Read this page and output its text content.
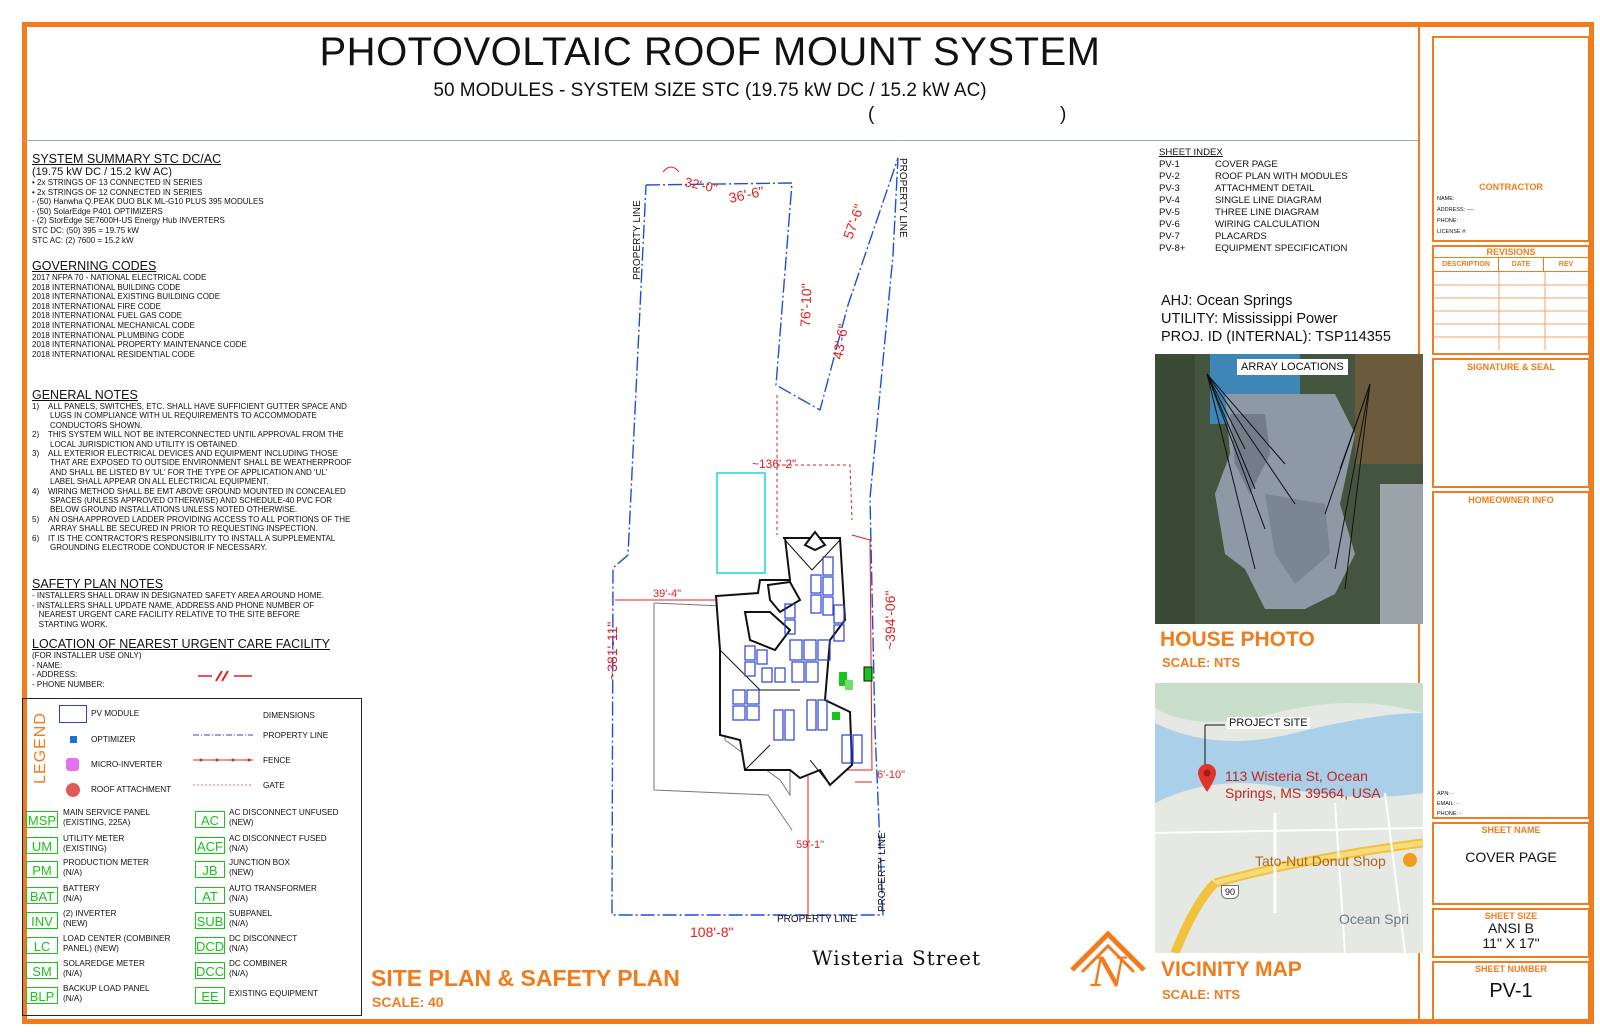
PHOTOVOLTAIC ROOF MOUNT SYSTEM
50 MODULES - SYSTEM SIZE STC (19.75 kW DC / 15.2 kW AC)
(	)

SYSTEM SUMMARY STC DC/AC

(19.75 kW DC / 15.2 kW AC)
• 2x STRINGS OF 13 CONNECTED IN SERIES
• 2x STRINGS OF 12 CONNECTED IN SERIES
- (50) Hanwha Q.PEAK DUO BLK ML-G10 PLUS 395 MODULES
- (50) SolarEdge P401 OPTIMIZERS
- (2) StorEdge SE7600H-US Energy Hub INVERTERS
STC DC: (50) 395 = 19.75 kW
STC AC: (2) 7600 = 15.2 kW

GOVERNING CODES

2017 NFPA 70 - NATIONAL ELECTRICAL CODE
2018 INTERNATIONAL BUILDING CODE
2018 INTERNATIONAL EXISTING BUILDING CODE
2018 INTERNATIONAL FIRE CODE
2018 INTERNATIONAL FUEL GAS CODE
2018 INTERNATIONAL MECHANICAL CODE
2018 INTERNATIONAL PLUMBING CODE
2018 INTERNATIONAL PROPERTY MAINTENANCE CODE
2018 INTERNATIONAL RESIDENTIAL CODE

GENERAL NOTES

1)    ALL PANELS, SWITCHES, ETC. SHALL HAVE SUFFICIENT GUTTER SPACE AND LUGS IN COMPLIANCE WITH UL REQUIREMENTS TO ACCOMMODATE CONDUCTORS SHOWN.
2)    THIS SYSTEM WILL NOT BE INTERCONNECTED UNTIL APPROVAL FROM THE LOCAL JURISDICTION AND UTILITY IS OBTAINED.
3)    ALL EXTERIOR ELECTRICAL DEVICES AND EQUIPMENT INCLUDING THOSE THAT ARE EXPOSED TO OUTSIDE ENVIRONMENT SHALL BE WEATHERPROOF AND SHALL BE LISTED BY 'UL' FOR THE TYPE OF APPLICATION AND 'UL' LABEL SHALL APPEAR ON ALL ELECTRICAL EQUIPMENT.
4)    WIRING METHOD SHALL BE EMT ABOVE GROUND MOUNTED IN CONCEALED SPACES (UNLESS APPROVED OTHERWISE) AND SCHEDULE-40 PVC FOR BELOW GROUND INSTALLATIONS UNLESS NOTED OTHERWISE.
5)    AN OSHA APPROVED LADDER PROVIDING ACCESS TO ALL PORTIONS OF THE ARRAY SHALL BE SECURED IN PRIOR TO REQUESTING INSPECTION.
6)    IT IS THE CONTRACTOR'S RESPONSIBILITY TO INSTALL A SUPPLEMENTAL GROUNDING ELECTRODE CONDUCTOR IF NECESSARY.

SAFETY PLAN NOTES

- INSTALLERS SHALL DRAW IN DESIGNATED SAFETY AREA AROUND HOME.
- INSTALLERS SHALL UPDATE NAME, ADDRESS AND PHONE NUMBER OF
NEAREST URGENT CARE FACILITY RELATIVE TO THE SITE BEFORE
STARTING WORK.

LOCATION OF NEAREST URGENT CARE FACILITY

(FOR INSTALLER USE ONLY)
- NAME:
- ADDRESS:
- PHONE NUMBER:
LEGEND	PV MODULE
OPTIMIZER
MICRO-INVERTER
ROOF ATTACHMENT
DIMENSIONS
PROPERTY LINE
FENCE
GATE
MSP
MAIN SERVICE PANEL
(EXISTING, 225A)
UM
UTILITY METER
(EXISTING)
PM
PRODUCTION METER
(N/A)
BAT
BATTERY
(N/A)
INV
(2) INVERTER
(NEW)
LC
LOAD CENTER (COMBINER
PANEL) (NEW)
SM
SOLAREDGE METER
(N/A)
BLP
BACKUP LOAD PANEL
(N/A)
AC
AC DISCONNECT UNFUSED
(NEW)
ACF
AC DISCONNECT FUSED
(N/A)
JB
JUNCTION BOX
(NEW)
AT
AUTO TRANSFORMER
(N/A)
SUB
SUBPANEL
(N/A)
DCD
DC DISCONNECT
(N/A)
DCC
DC COMBINER
(N/A)
EE	EXISTING EQUIPMENT
32'-0" 36'-6"
57'-6"
76'-10"
43'-6"
~136'-2"
39'-4"
~381'-11"
~394'-06"
6'-10"
59'-1"
108'-8"
PROPERTY LINE
PROPERTY LINE
PROPERTY LINE
PROPERTY LINE
Wisteria Street	N
SITE PLAN & SAFETY PLAN
SCALE: 40
SHEET INDEX
PV-1	COVER PAGE
PV-2	ROOF PLAN WITH MODULES
PV-3	ATTACHMENT DETAIL
PV-4	SINGLE LINE DIAGRAM
PV-5	THREE LINE DIAGRAM
PV-6	WIRING CALCULATION
PV-7	PLACARDS
PV-8+	EQUIPMENT SPECIFICATION
AHJ: Ocean Springs
UTILITY: Mississippi Power
PROJ. ID (INTERNAL): TSP114355
ARRAY LOCATIONS
HOUSE PHOTO
SCALE: NTS
PROJECT SITE
113 Wisteria St, Ocean
Springs, MS 39564, USA
Tato-Nut Donut Shop
90
Ocean Spri
VICINITY MAP
SCALE: NTS
CONTRACTOR
NAME:
ADDRESS: ----
PHONE:
LICENSE #:
REVISIONS
DESCRIPTION	DATE	REV
SIGNATURE & SEAL
HOMEOWNER INFO
APN: -
EMAIL: -
PHONE: -
SHEET NAME
COVER PAGE
SHEET SIZE
ANSI B
11" X 17"
SHEET NUMBER
PV-1
